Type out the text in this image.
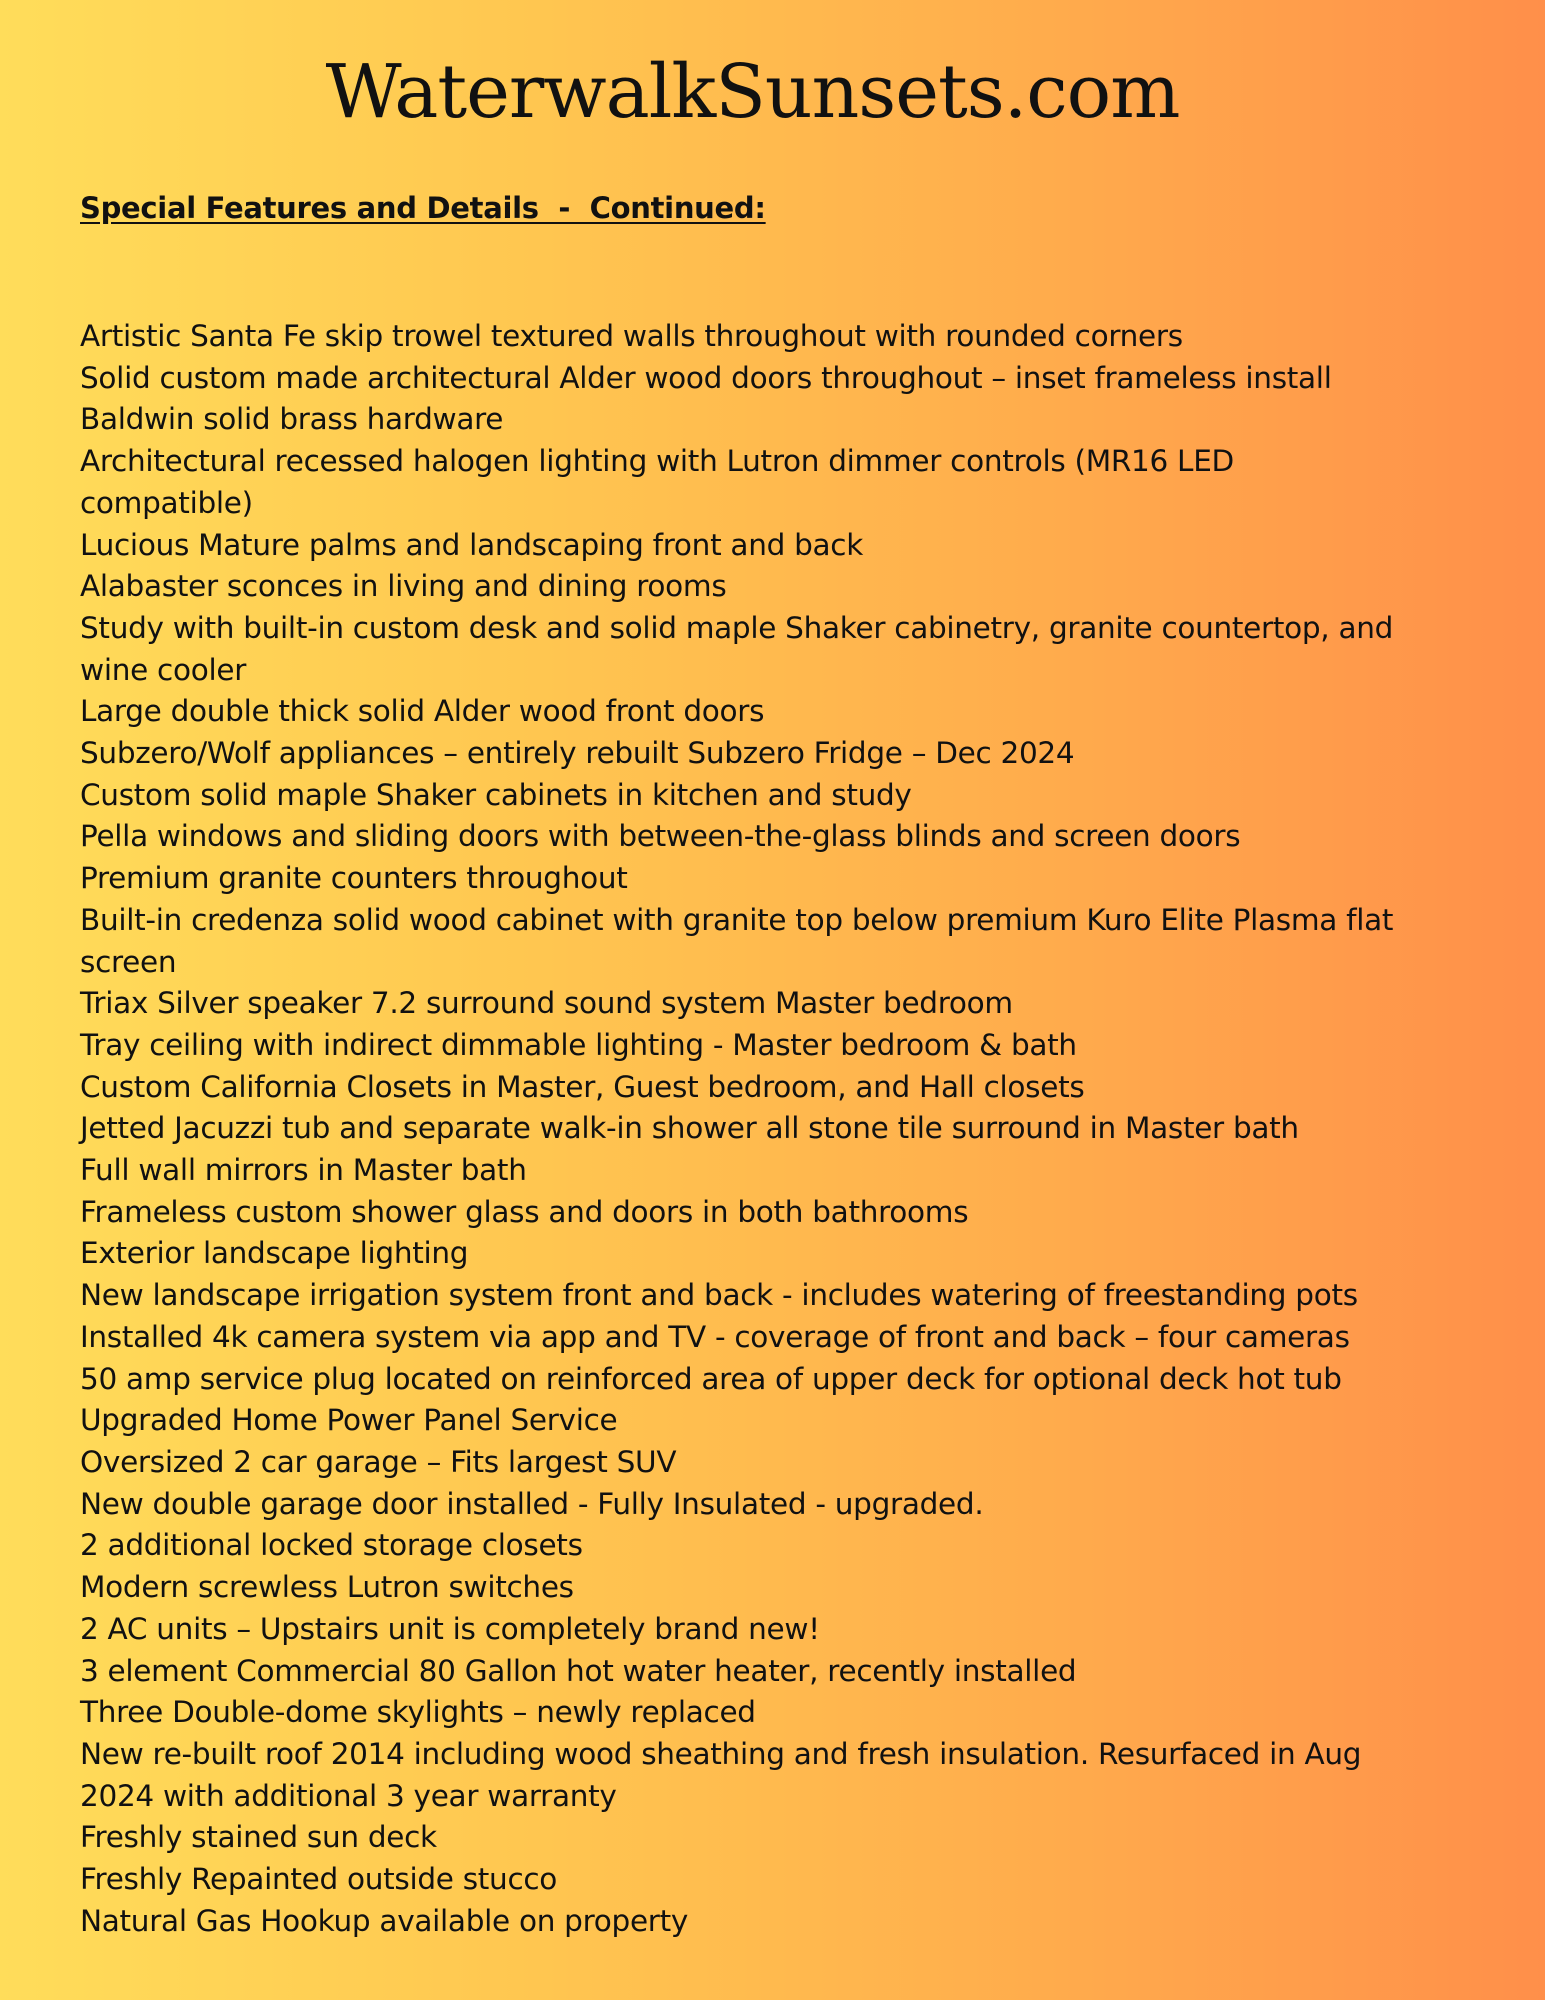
WaterwalkSunsets.com
Special Features and Details  -  Continued:
Artistic Santa Fe skip trowel textured walls throughout with rounded corners
Solid custom made architectural Alder wood doors throughout – inset frameless install
Baldwin solid brass hardware
Architectural recessed halogen lighting with Lutron dimmer controls (MR16 LED compatible)
Lucious Mature palms and landscaping front and back
Alabaster sconces in living and dining rooms
Study with built-in custom desk and solid maple Shaker cabinetry, granite countertop, and wine cooler
Large double thick solid Alder wood front doors
Subzero/Wolf appliances – entirely rebuilt Subzero Fridge – Dec 2024
Custom solid maple Shaker cabinets in kitchen and study
Pella windows and sliding doors with between-the-glass blinds and screen doors
Premium granite counters throughout
Built-in credenza solid wood cabinet with granite top below premium Kuro Elite Plasma flat screen
Triax Silver speaker 7.2 surround sound system Master bedroom
Tray ceiling with indirect dimmable lighting - Master bedroom & bath
Custom California Closets in Master, Guest bedroom, and Hall closets
Jetted Jacuzzi tub and separate walk-in shower all stone tile surround in Master bath
Full wall mirrors in Master bath
Frameless custom shower glass and doors in both bathrooms
Exterior landscape lighting
New landscape irrigation system front and back - includes watering of freestanding pots
Installed 4k camera system via app and TV - coverage of front and back – four cameras
50 amp service plug located on reinforced area of upper deck for optional deck hot tub
Upgraded Home Power Panel Service
Oversized 2 car garage – Fits largest SUV
New double garage door installed - Fully Insulated - upgraded.
2 additional locked storage closets
Modern screwless Lutron switches
2 AC units – Upstairs unit is completely brand new!
3 element Commercial 80 Gallon hot water heater, recently installed
Three Double-dome skylights – newly replaced
New re-built roof 2014 including wood sheathing and fresh insulation. Resurfaced in Aug 2024 with additional 3 year warranty
Freshly stained sun deck
Freshly Repainted outside stucco
Natural Gas Hookup available on property
